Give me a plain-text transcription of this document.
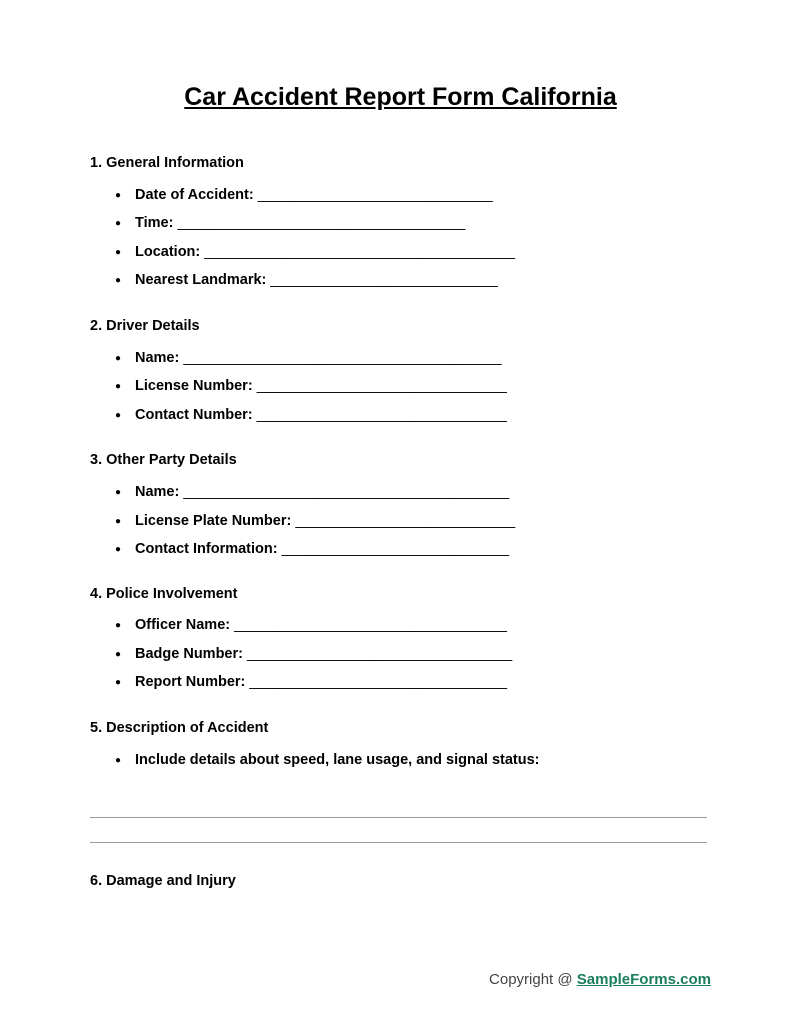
Car Accident Report Form California
1. General Information
● Date of Accident: _______________________________
● Time: ______________________________________
● Location: _________________________________________
● Nearest Landmark: ______________________________
2. Driver Details
● Name: __________________________________________
● License Number: _________________________________
● Contact Number: _________________________________
3. Other Party Details
● Name: ___________________________________________
● License Plate Number: _____________________________
● Contact Information: ______________________________
4. Police Involvement
● Officer Name: ____________________________________
● Badge Number: ___________________________________
● Report Number: __________________________________
5. Description of Accident
● Include details about speed, lane usage, and signal status:
6. Damage and Injury
Copyright @ SampleForms.com
